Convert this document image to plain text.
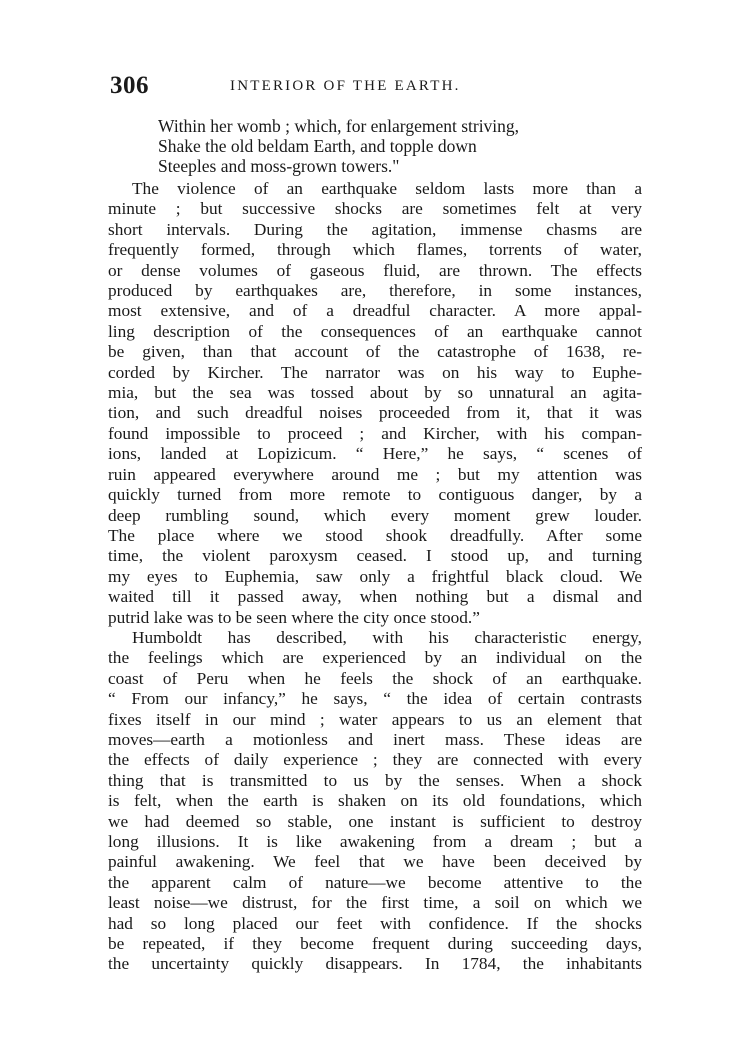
306	INTERIOR OF THE EARTH.
Within her womb ; which, for enlargement striving,
Shake the old beldam Earth, and topple down
Steeples and moss-grown towers."
The violence of an earthquake seldom lasts more than a
minute ; but successive shocks are sometimes felt at very
short intervals. During the agitation, immense chasms are
frequently formed, through which flames, torrents of water,
or dense volumes of gaseous fluid, are thrown. The effects
produced by earthquakes are, therefore, in some instances,
most extensive, and of a dreadful character. A more appal-
ling description of the consequences of an earthquake cannot
be given, than that account of the catastrophe of 1638, re-
corded by Kircher. The narrator was on his way to Euphe-
mia, but the sea was tossed about by so unnatural an agita-
tion, and such dreadful noises proceeded from it, that it was
found impossible to proceed ; and Kircher, with his compan-
ions, landed at Lopizicum. “ Here,” he says, “ scenes of
ruin appeared everywhere around me ; but my attention was
quickly turned from more remote to contiguous danger, by a
deep rumbling sound, which every moment grew louder.
The place where we stood shook dreadfully. After some
time, the violent paroxysm ceased. I stood up, and turning
my eyes to Euphemia, saw only a frightful black cloud. We
waited till it passed away, when nothing but a dismal and
putrid lake was to be seen where the city once stood.”
Humboldt has described, with his characteristic energy,
the feelings which are experienced by an individual on the
coast of Peru when he feels the shock of an earthquake.
“ From our infancy,” he says, “ the idea of certain contrasts
fixes itself in our mind ; water appears to us an element that
moves—earth a motionless and inert mass. These ideas are
the effects of daily experience ; they are connected with every
thing that is transmitted to us by the senses. When a shock
is felt, when the earth is shaken on its old foundations, which
we had deemed so stable, one instant is sufficient to destroy
long illusions. It is like awakening from a dream ; but a
painful awakening. We feel that we have been deceived by
the apparent calm of nature—we become attentive to the
least noise—we distrust, for the first time, a soil on which we
had so long placed our feet with confidence. If the shocks
be repeated, if they become frequent during succeeding days,
the uncertainty quickly disappears. In 1784, the inhabitants
